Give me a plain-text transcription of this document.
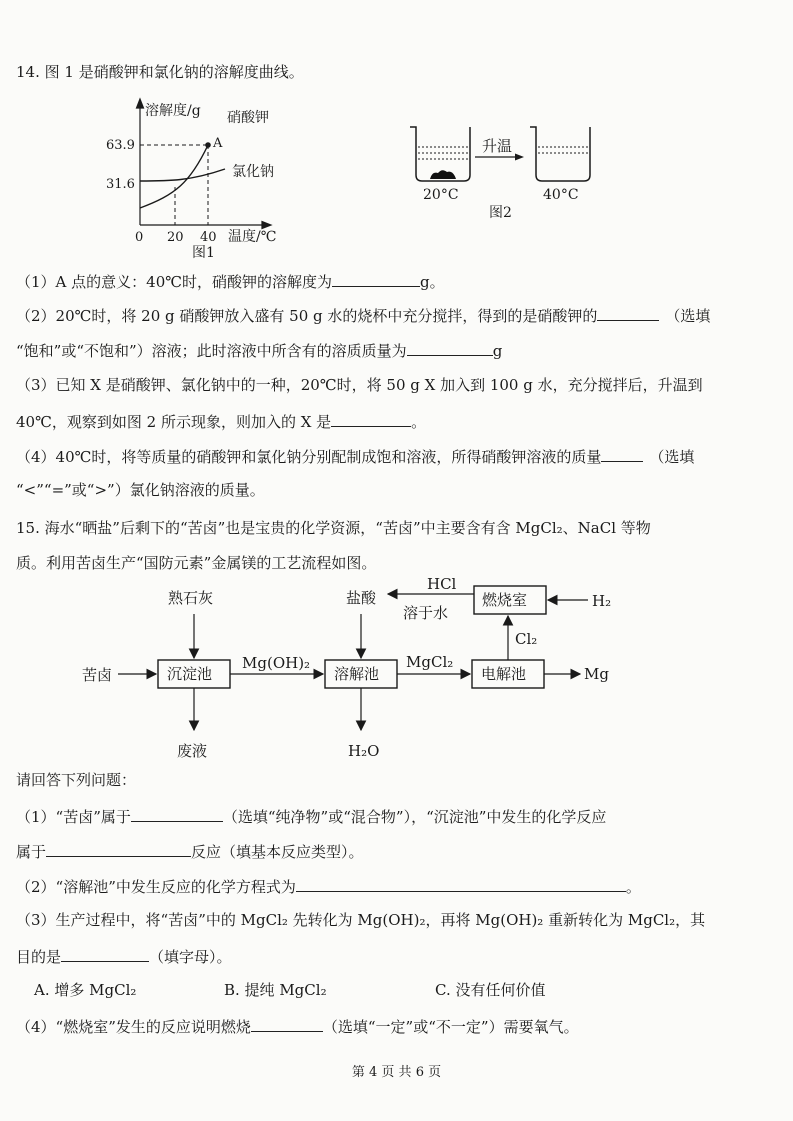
14. 图 1 是硝酸钾和氯化钠的溶解度曲线。
溶解度/g
63.9
31.6
A
硝酸钾
氯化钠
0 20 40 温度/℃
图1
升温
20°C	40°C
图2
（1）A 点的意义：40℃时，硝酸钾的溶解度为	g。
（2）20℃时，将 20 g 硝酸钾放入盛有 50 g 水的烧杯中充分搅拌，得到的是硝酸钾的	（选填
“饱和”或“不饱和”）溶液；此时溶液中所含有的溶质质量为	g
（3）已知 X 是硝酸钾、氯化钠中的一种，20℃时，将 50 g X 加入到 100 g 水，充分搅拌后，升温到
40℃，观察到如图 2 所示现象，则加入的 X 是	。
（4）40℃时，将等质量的硝酸钾和氯化钠分别配制成饱和溶液，所得硝酸钾溶液的质量	（选填
“<”“=”或“>”）氯化钠溶液的质量。
15. 海水“晒盐”后剩下的“苦卤”也是宝贵的化学资源，“苦卤”中主要含有含 MgCl₂、NaCl 等物
质。利用苦卤生产“国防元素”金属镁的工艺流程如图。
苦卤
熟石灰
沉淀池
废液
Mg(OH)₂
盐酸
溶解池
H₂O
MgCl₂
电解池	Mg
Cl₂
燃烧室	H₂
HCl
溶于水
请回答下列问题：
（1）“苦卤”属于	（选填“纯净物”或“混合物”），“沉淀池”中发生的化学反应
属于	反应（填基本反应类型）。
（2）“溶解池”中发生反应的化学方程式为	。
（3）生产过程中，将“苦卤”中的 MgCl₂ 先转化为 Mg(OH)₂，再将 Mg(OH)₂ 重新转化为 MgCl₂，其
目的是	（填字母）。
A. 增多 MgCl₂	B. 提纯 MgCl₂	C. 没有任何价值
（4）“燃烧室”发生的反应说明燃烧	（选填“一定”或“不一定”）需要氧气。
第 4 页 共 6 页
